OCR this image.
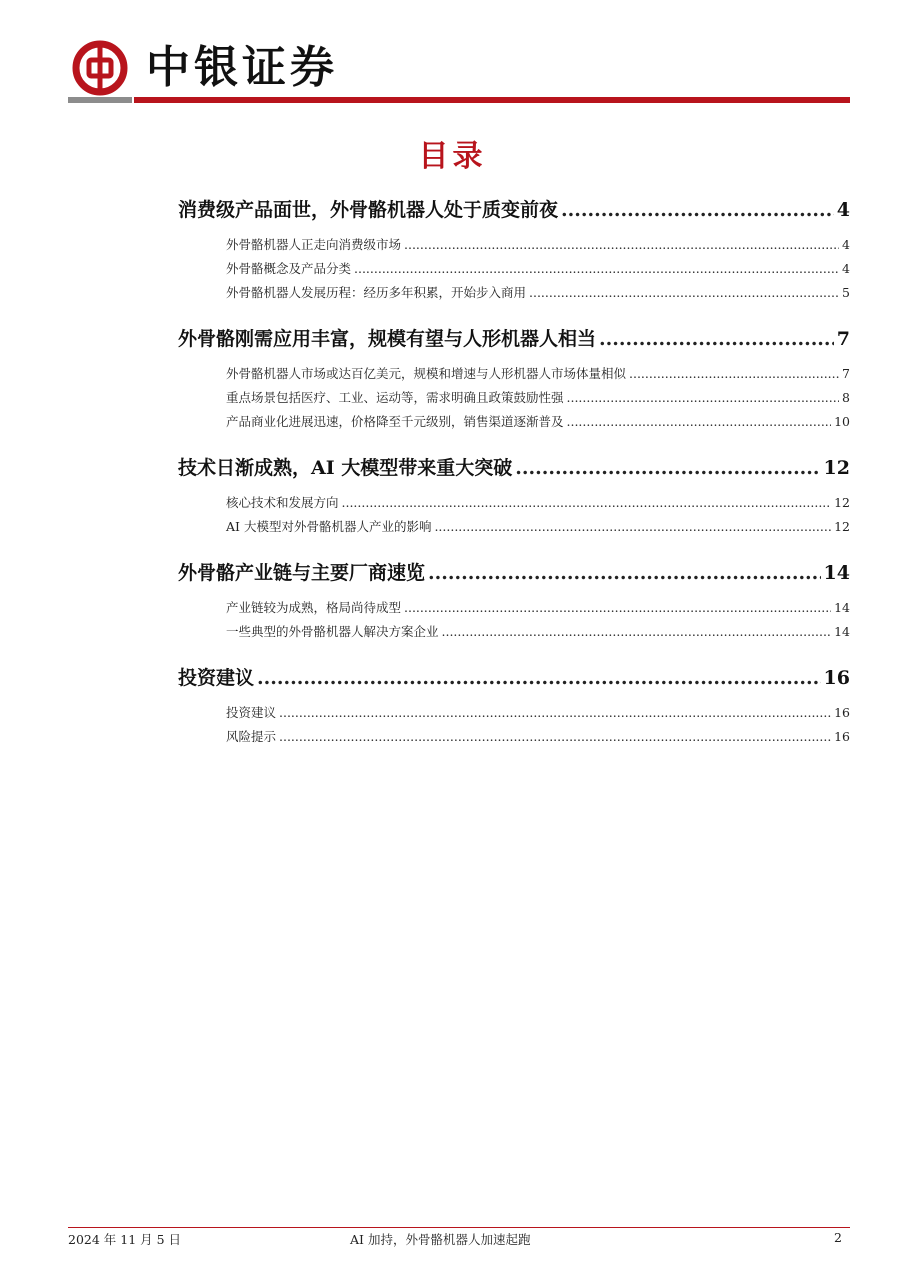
中银证券
目录
消费级产品面世，外骨骼机器人处于质变前夜 .....	4
外骨骼机器人正走向消费级市场 .....	4
外骨骼概念及产品分类 .....	4
外骨骼机器人发展历程：经历多年积累，开始步入商用 .....	5
外骨骼刚需应用丰富，规模有望与人形机器人相当 .....	7
外骨骼机器人市场或达百亿美元，规模和增速与人形机器人市场体量相似 .....	7
重点场景包括医疗、工业、运动等，需求明确且政策鼓励性强 .....	8
产品商业化进展迅速，价格降至千元级别，销售渠道逐渐普及 .....	10
技术日渐成熟，AI 大模型带来重大突破 .....	12
核心技术和发展方向 .....	12
AI 大模型对外骨骼机器人产业的影响 .....	12
外骨骼产业链与主要厂商速览 .....	14
产业链较为成熟，格局尚待成型 .....	14
一些典型的外骨骼机器人解决方案企业 .....	14
投资建议 .....	16
投资建议 .....	16
风险提示 .....	16
2024 年 11 月 5 日	AI 加持，外骨骼机器人加速起跑	2
